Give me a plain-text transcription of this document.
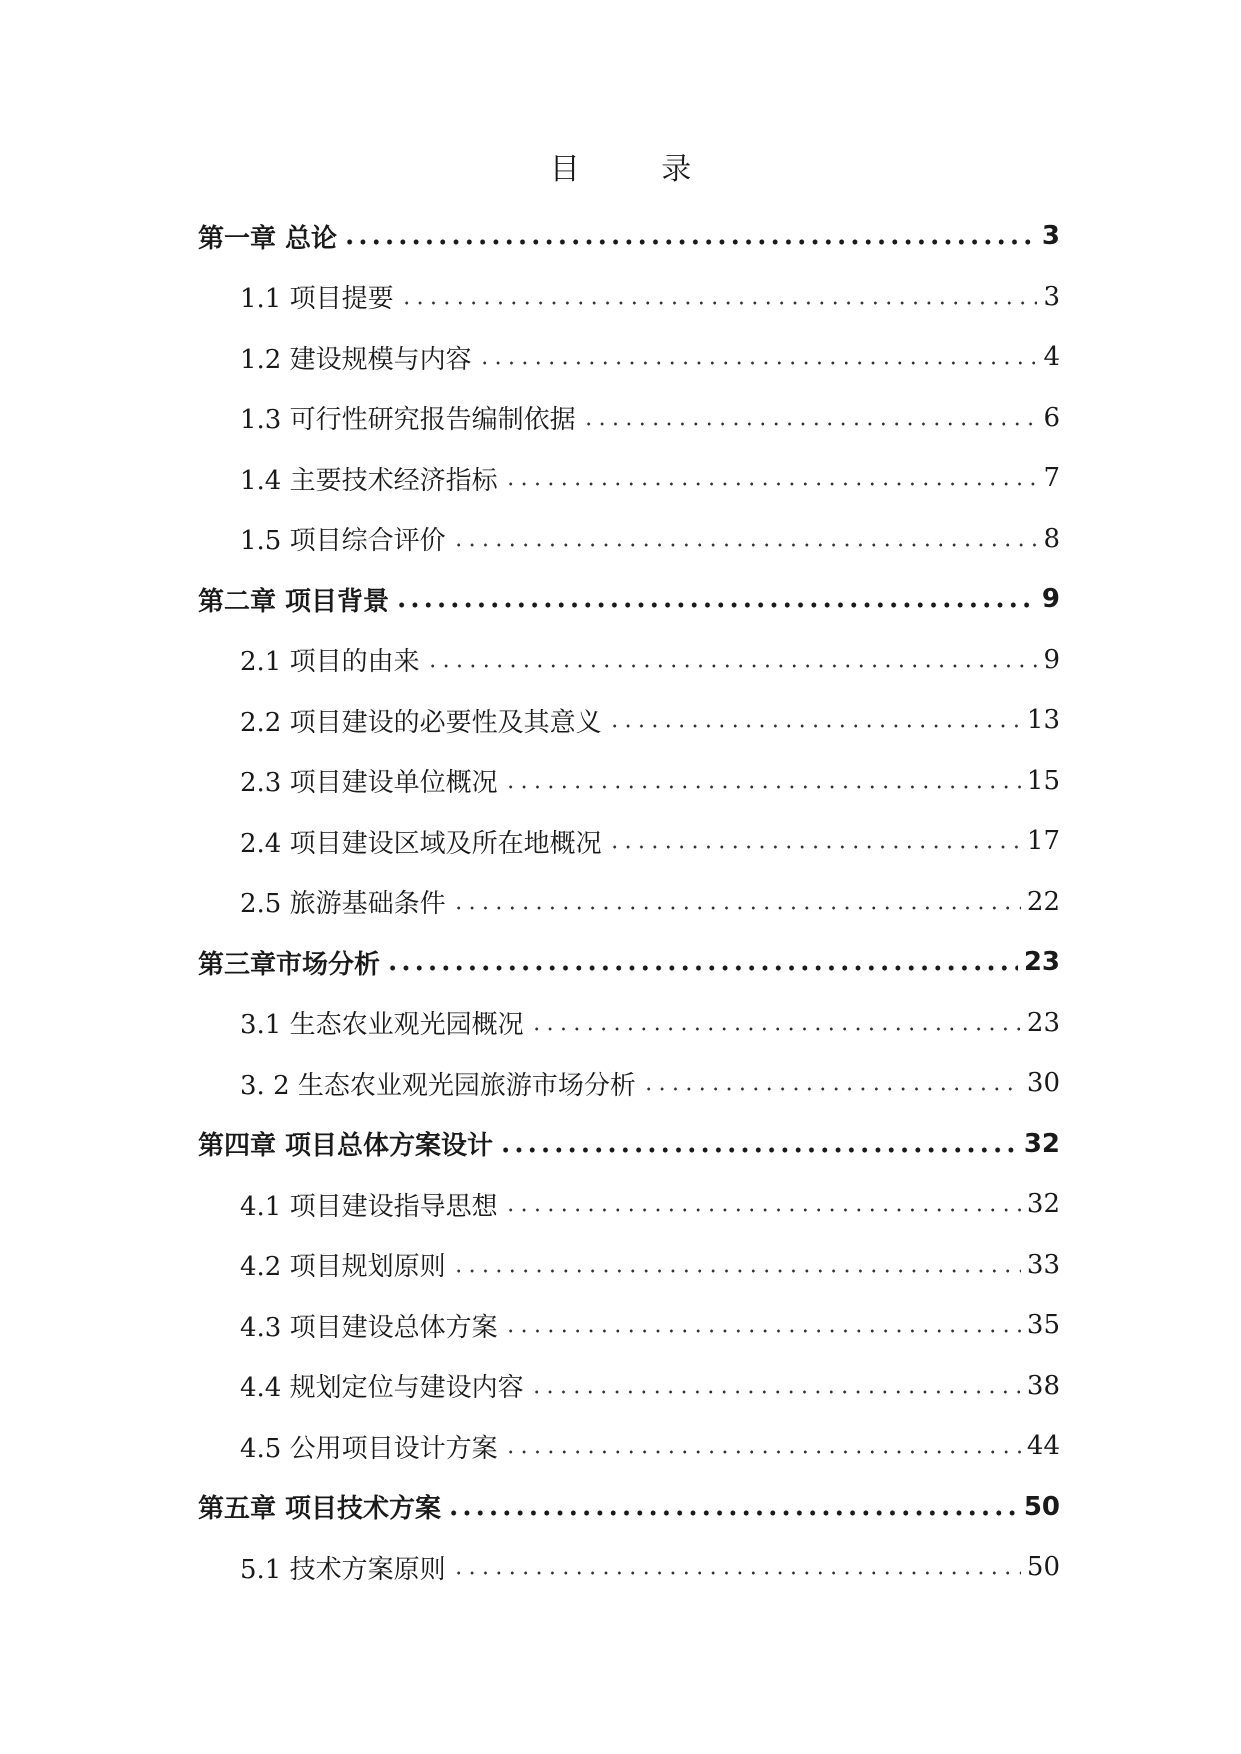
目 录
第一章 总论	3
1.1 项目提要	3
1.2 建设规模与内容	4
1.3 可行性研究报告编制依据	6
1.4 主要技术经济指标	7
1.5 项目综合评价	8
第二章 项目背景	9
2.1 项目的由来	9
2.2 项目建设的必要性及其意义	13
2.3 项目建设单位概况	15
2.4 项目建设区域及所在地概况	17
2.5 旅游基础条件	22
第三章市场分析	23
3.1 生态农业观光园概况	23
3. 2 生态农业观光园旅游市场分析	30
第四章 项目总体方案设计	32
4.1 项目建设指导思想	32
4.2 项目规划原则	33
4.3 项目建设总体方案	35
4.4 规划定位与建设内容	38
4.5 公用项目设计方案	44
第五章 项目技术方案	50
5.1 技术方案原则	50
